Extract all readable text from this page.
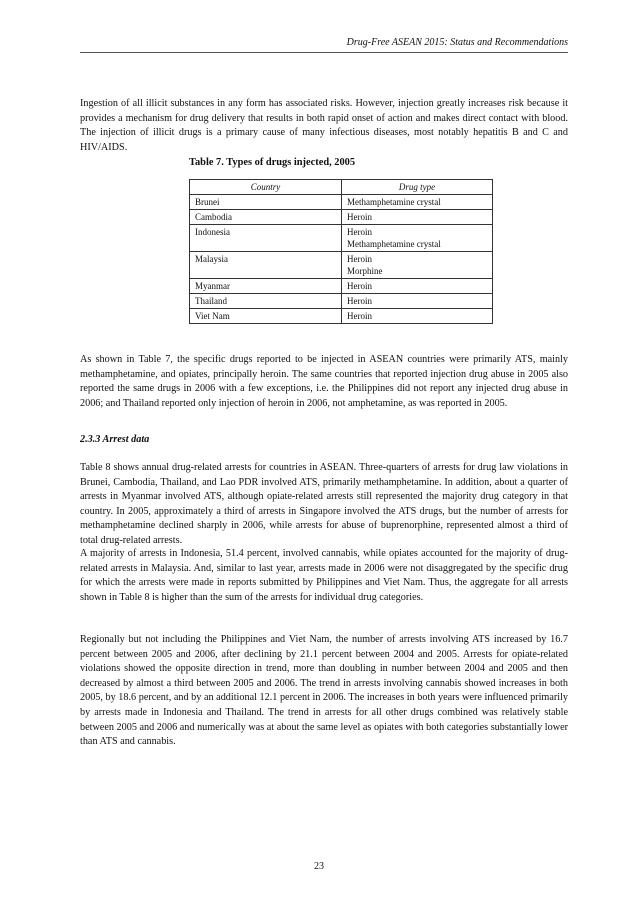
Drug-Free ASEAN 2015: Status and Recommendations

Ingestion of all illicit substances in any form has associated risks. However, injection greatly increases risk because it provides a mechanism for drug delivery that results in both rapid onset of action and makes direct contact with blood. The injection of illicit drugs is a primary cause of many infectious diseases, most notably hepatitis B and C and HIV/AIDS.

Table 7. Types of drugs injected, 2005
Country	Drug type
Brunei	Methamphetamine crystal

Cambodia	Heroin

Indonesia	Heroin
Methamphetamine crystal

Malaysia	Heroin
Morphine

Myanmar	Heroin

Thailand	Heroin

Viet Nam	Heroin

As shown in Table 7, the specific drugs reported to be injected in ASEAN countries were primarily ATS, mainly methamphetamine, and opiates, principally heroin. The same countries that reported injection drug abuse in 2005 also reported the same drugs in 2006 with a few exceptions, i.e. the Philippines did not report any injected drug abuse in 2006; and Thailand reported only injection of heroin in 2006, not amphetamine, as was reported in 2005.

2.3.3 Arrest data

Table 8 shows annual drug-related arrests for countries in ASEAN. Three-quarters of arrests for drug law violations in Brunei, Cambodia, Thailand, and Lao PDR involved ATS, primarily methamphetamine. In addition, about a quarter of arrests in Myanmar involved ATS, although opiate-related arrests still represented the majority drug category in that country. In 2005, approximately a third of arrests in Singapore involved the ATS drugs, but the number of arrests for methamphetamine declined sharply in 2006, while arrests for abuse of buprenorphine, represented almost a third of total drug-related arrests.

A majority of arrests in Indonesia, 51.4 percent, involved cannabis, while opiates accounted for the majority of drug-related arrests in Malaysia. And, similar to last year, arrests made in 2006 were not disaggregated by the specific drug for which the arrests were made in reports submitted by Philippines and Viet Nam. Thus, the aggregate for all arrests shown in Table 8 is higher than the sum of the arrests for individual drug categories.

Regionally but not including the Philippines and Viet Nam, the number of arrests involving ATS increased by 16.7 percent between 2005 and 2006, after declining by 21.1 percent between 2004 and 2005. Arrests for opiate-related violations showed the opposite direction in trend, more than doubling in number between 2004 and 2005 and then decreased by almost a third between 2005 and 2006. The trend in arrests involving cannabis showed increases in both 2005, by 18.6 percent, and by an additional 12.1 percent in 2006. The increases in both years were influenced primarily by arrests made in Indonesia and Thailand. The trend in arrests for all other drugs combined was relatively stable between 2005 and 2006 and numerically was at about the same level as opiates with both categories substantially lower than ATS and cannabis.

23
